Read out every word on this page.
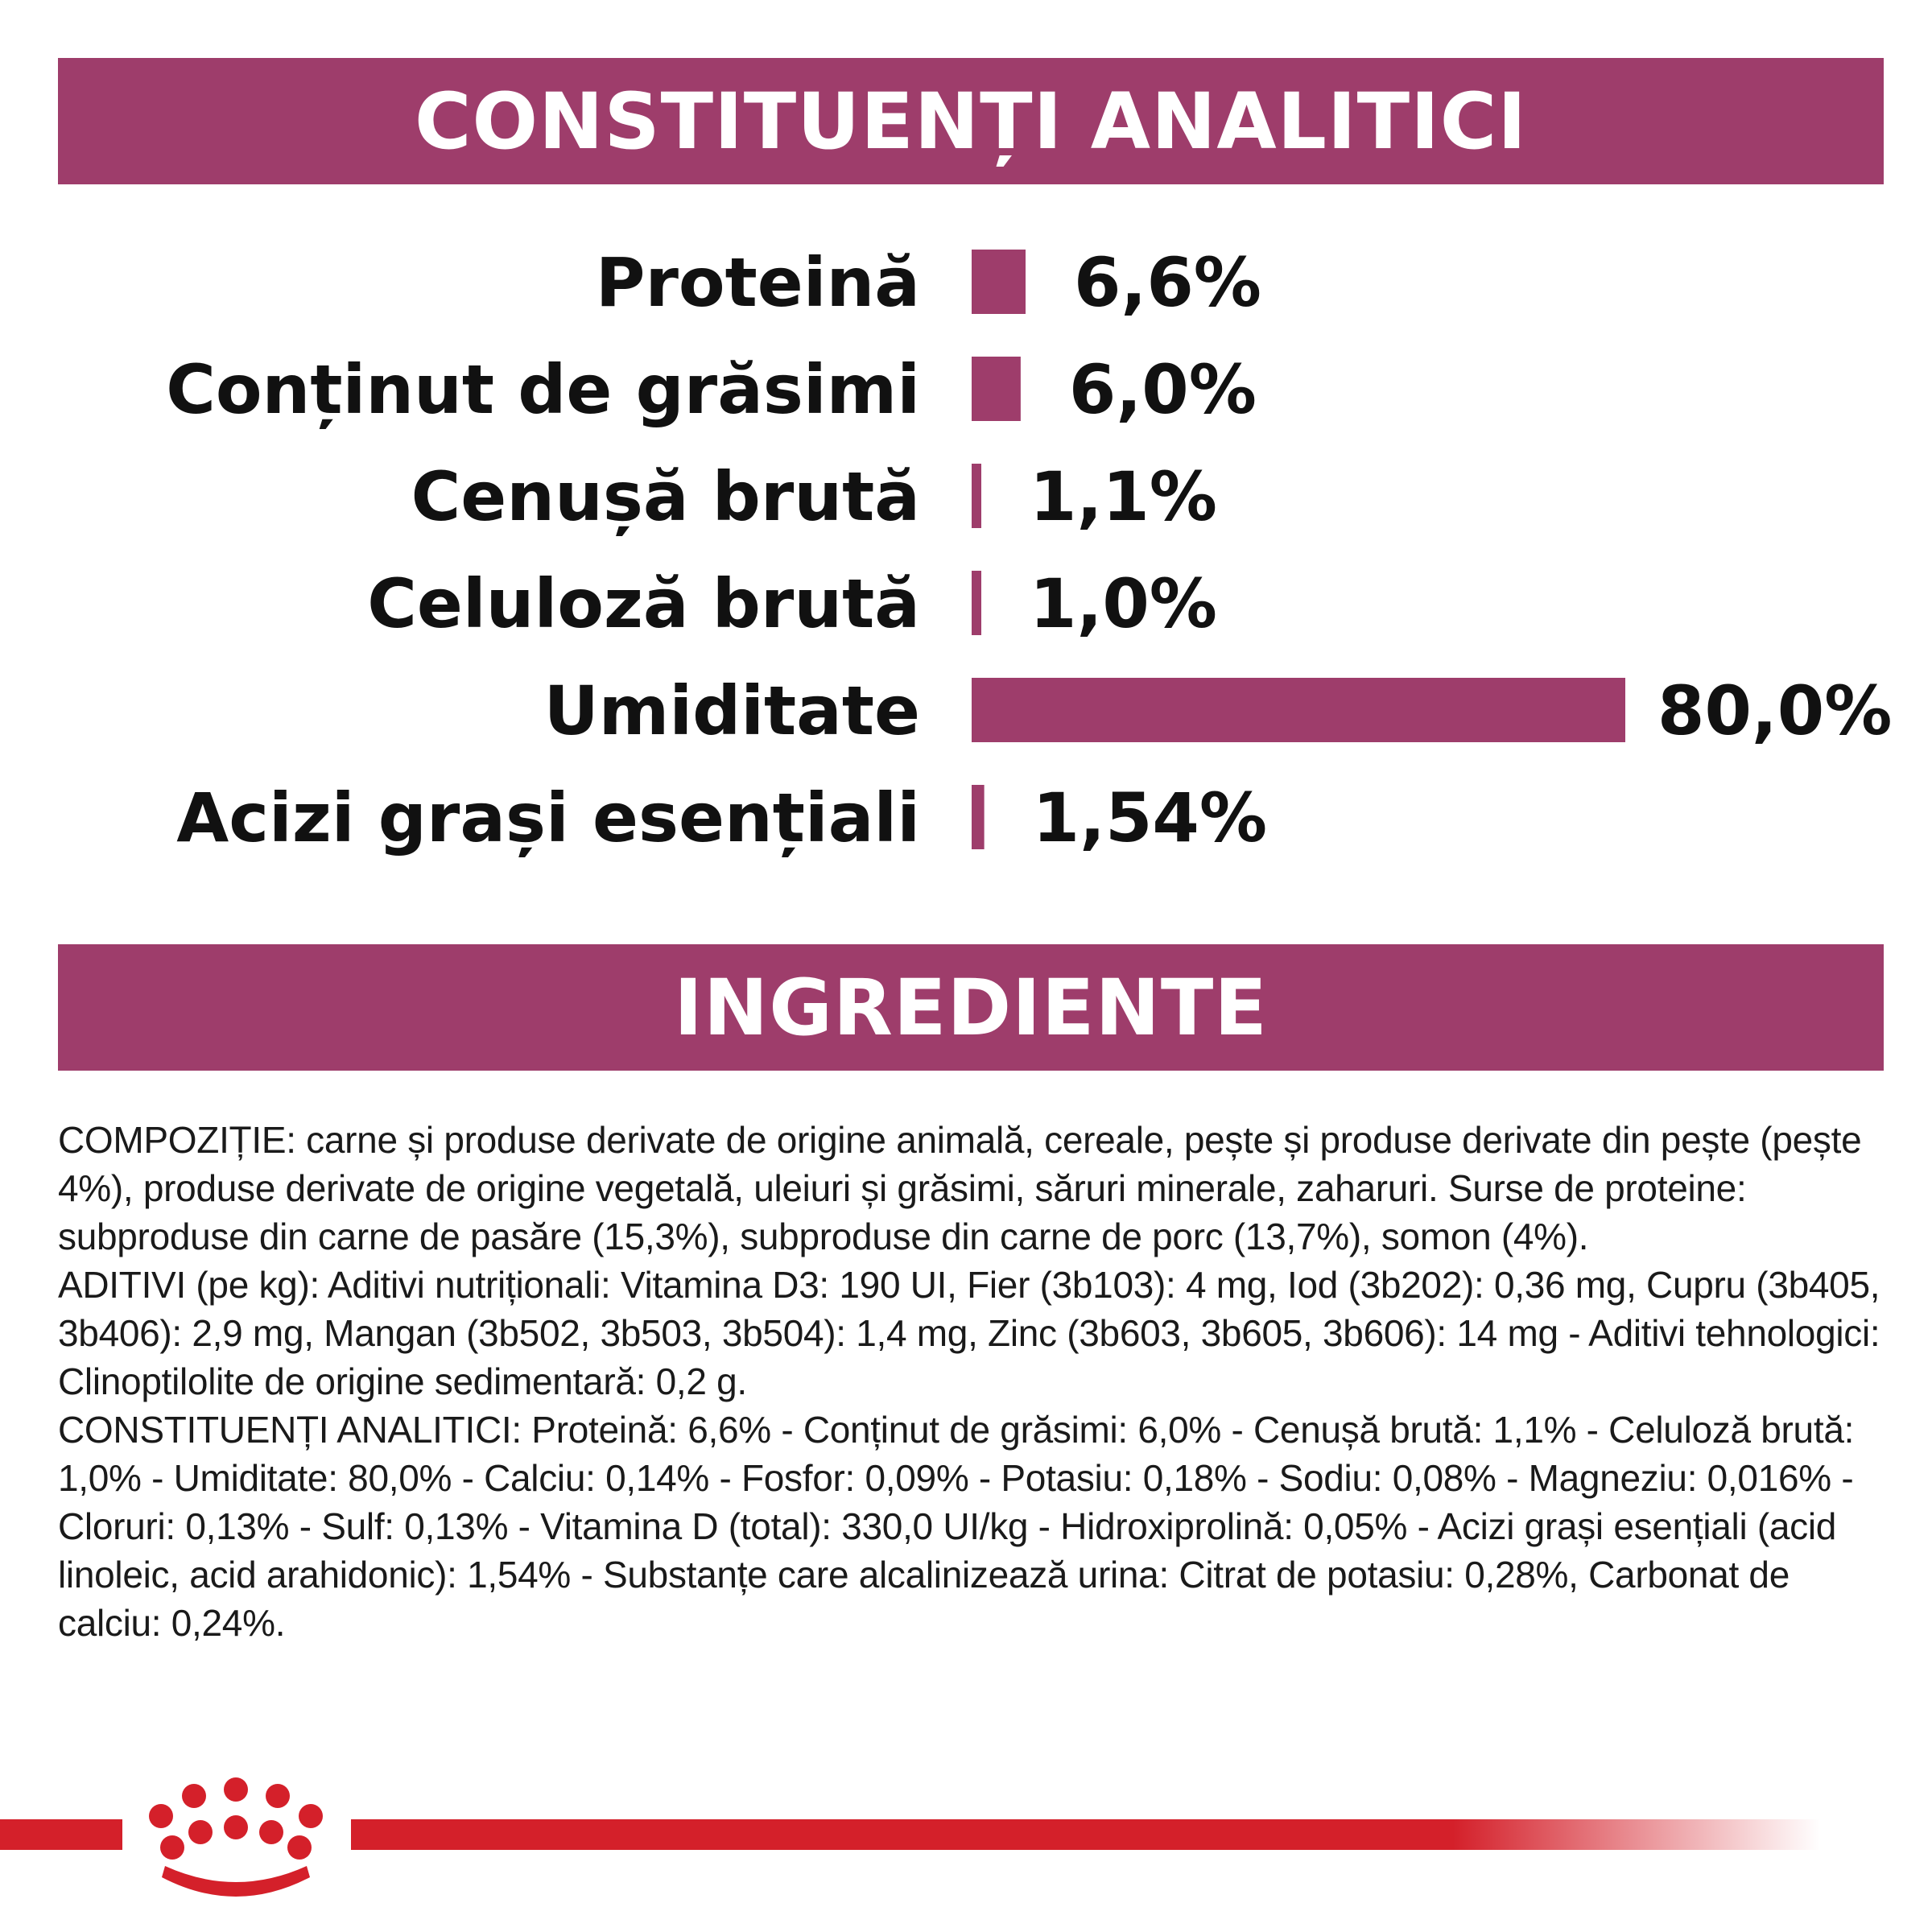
CONSTITUENȚI ANALITICI
Proteină 6,6%
Conținut de grăsimi 6,0%
Cenușă brută 1,1%
Celuloză brută 1,0%
Umiditate	80,0%
Acizi grași esențiali 1,54%
INGREDIENTE

COMPOZIȚIE: carne și produse derivate de origine animală, cereale, pește și produse derivate din pește (pește 4%), produse derivate de origine vegetală, uleiuri și grăsimi, săruri minerale, zaharuri. Surse de proteine: subproduse din carne de pasăre (15,3%), subproduse din carne de porc (13,7%), somon (4%).

ADITIVI (pe kg): Aditivi nutriționali: Vitamina D3: 190 UI, Fier (3b103): 4 mg, Iod (3b202): 0,36 mg, Cupru (3b405, 3b406): 2,9 mg, Mangan (3b502, 3b503, 3b504): 1,4 mg, Zinc (3b603, 3b605, 3b606): 14 mg - Aditivi tehnologici: Clinoptilolite de origine sedimentară: 0,2 g.

CONSTITUENȚI ANALITICI: Proteină: 6,6% - Conținut de grăsimi: 6,0% - Cenușă brută: 1,1% - Celuloză brută: 1,0% - Umiditate: 80,0% - Calciu: 0,14% - Fosfor: 0,09% - Potasiu: 0,18% - Sodiu: 0,08% - Magneziu: 0,016% - Cloruri: 0,13% - Sulf: 0,13% - Vitamina D (total): 330,0 UI/kg - Hidroxiprolină: 0,05% - Acizi grași esențiali (acid linoleic, acid arahidonic): 1,54% - Substanțe care alcalinizează urina: Citrat de potasiu: 0,28%, Carbonat de calciu: 0,24%.
